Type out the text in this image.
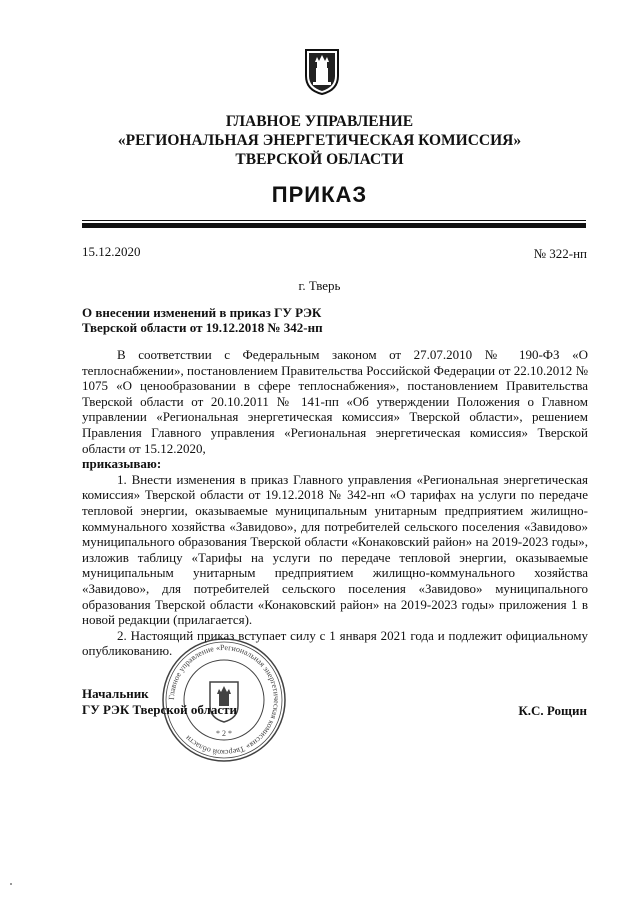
ГЛАВНОЕ УПРАВЛЕНИЕ
«РЕГИОНАЛЬНАЯ ЭНЕРГЕТИЧЕСКАЯ КОМИССИЯ»
ТВЕРСКОЙ ОБЛАСТИ
ПРИКАЗ
15.12.2020	№ 322-нп
г. Тверь
О внесении изменений в приказ ГУ РЭК
Тверской области от 19.12.2018 № 342-нп

В соответствии с Федеральным законом от 27.07.2010 № 190-ФЗ «О теплоснабжении», постановлением Правительства Российской Федерации от 22.10.2012 № 1075 «О ценообразовании в сфере теплоснабжения», постановлением Правительства Тверской области от 20.10.2011 № 141-пп «Об утверждении Положения о Главном управлении «Региональная энергетическая комиссия» Тверской области», решением Правления Главного управления «Региональная энергетическая комиссия» Тверской области от 15.12.2020,

приказываю:

1. Внести изменения в приказ Главного управления «Региональная энергетическая комиссия» Тверской области от 19.12.2018 № 342-нп «О тарифах на услуги по передаче тепловой энергии, оказываемые муниципальным унитарным предприятием жилищно-коммунального хозяйства «Завидово», для потребителей сельского поселения «Завидово» муниципального образования Тверской области «Конаковский район» на 2019-2023 годы», изложив таблицу «Тарифы на услуги по передаче тепловой энергии, оказываемые муниципальным унитарным предприятием жилищно-коммунального хозяйства «Завидово», для потребителей сельского поселения «Завидово» муниципального образования Тверской области «Конаковский район» на 2019-2023 годы» приложения 1 в новой редакции (прилагается).

2. Настоящий приказ вступает силу с 1 января 2021 года и подлежит официальному опубликованию.

Главное управление «Региональная энергетическая комиссия» Тверской области
* 2 *
Начальник
ГУ РЭК Тверской области	К.С. Рощин
